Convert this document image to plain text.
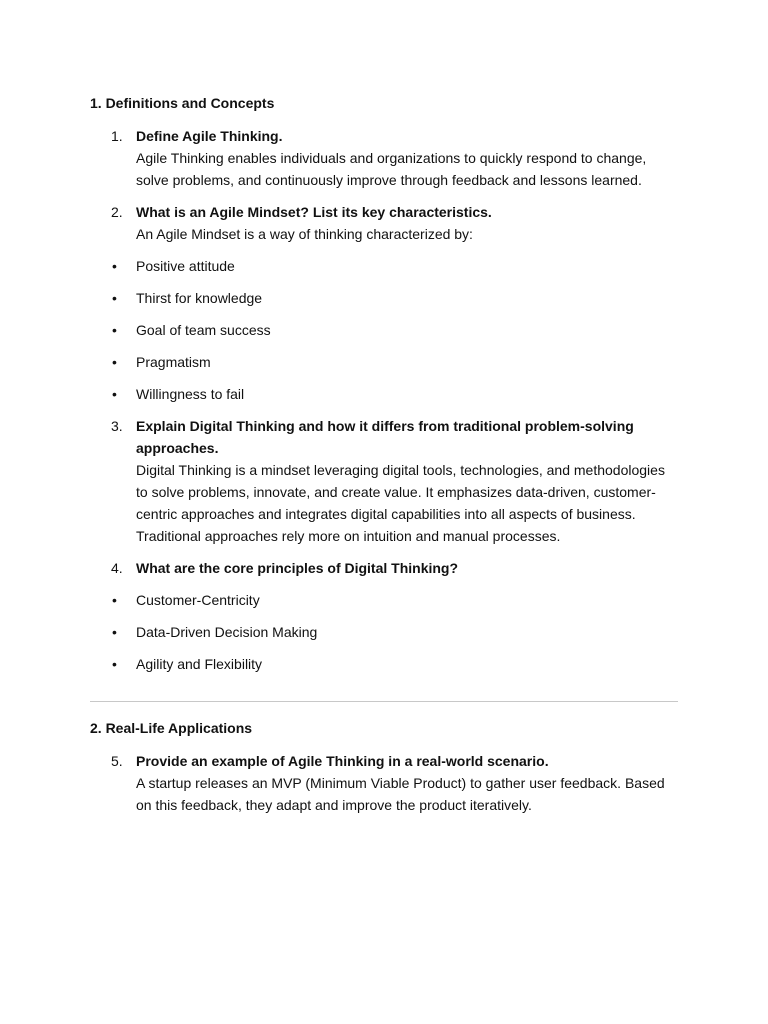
1. Definitions and Concepts
1. Define Agile Thinking.
Agile Thinking enables individuals and organizations to quickly respond to change, solve problems, and continuously improve through feedback and lessons learned.
2. What is an Agile Mindset? List its key characteristics.
An Agile Mindset is a way of thinking characterized by:
• Positive attitude
• Thirst for knowledge
• Goal of team success
• Pragmatism
• Willingness to fail
3. Explain Digital Thinking and how it differs from traditional problem-solving approaches.
Digital Thinking is a mindset leveraging digital tools, technologies, and methodologies to solve problems, innovate, and create value. It emphasizes data-driven, customer-centric approaches and integrates digital capabilities into all aspects of business. Traditional approaches rely more on intuition and manual processes.
4. What are the core principles of Digital Thinking?
• Customer-Centricity
• Data-Driven Decision Making
• Agility and Flexibility
2. Real-Life Applications
5. Provide an example of Agile Thinking in a real-world scenario.
A startup releases an MVP (Minimum Viable Product) to gather user feedback. Based on this feedback, they adapt and improve the product iteratively.
